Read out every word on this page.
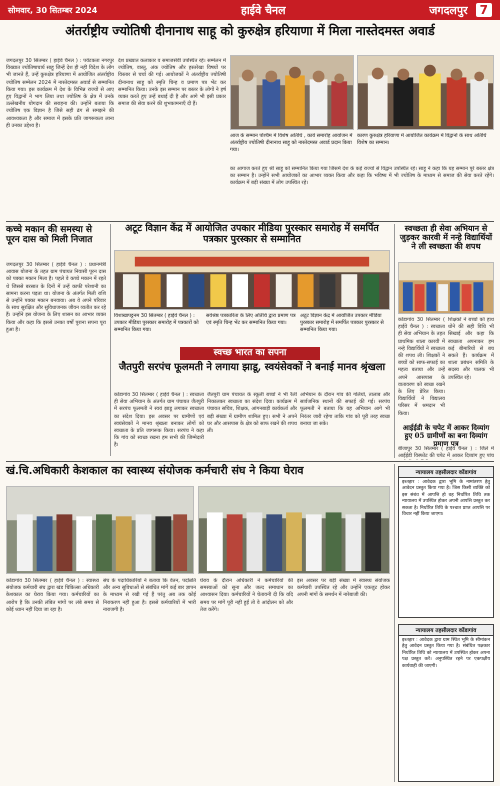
सोमवार, 30 सितम्बर 2024	हाईवे चैनल	जगदलपुर	7
अंतर्राष्ट्रीय ज्योतिषी दीनानाथ साहू को कुरुक्षेत्र हरियाणा में मिला नास्तेदमस्त अवार्ड
जगदलपुर 30 सितम्बर ( हाईवे चैनल ) : पर्यटकता नगरपुर विख्यात ज्योतिषाचार्य साहू जिन्हें देश ही नहीं विदेश के लोग भी जानते हैं, उन्हें कुरुक्षेत्र हरियाणा में आयोजित अंतर्राष्ट्रीय ज्योतिष सम्मेलन 2024 में नास्तेदमस्त अवार्ड से सम्मानित किया गया। इस कार्यक्रम में देश के विभिन्न राज्यों से आए हुए विद्वानों ने भाग लिया तथा ज्योतिष के क्षेत्र में उनके उल्लेखनीय योगदान की सराहना की। उन्होंने बताया कि ज्योतिष एक विज्ञान है जिसे सही ढंग से समझने की आवश्यकता है और समाज में इसके प्रति जागरूकता लाना ही उनका उद्देश्य है।
देश प्रख्यात कलाकार व समाजसेवी उपस्थित रहे। सम्मेलन में ज्योतिष, वास्तु, अंक ज्योतिष और हस्तरेखा विषयों पर विस्तार से चर्चा की गई। आयोजकों ने अंतर्राष्ट्रीय ज्योतिषी दीनानाथ साहू को स्मृति चिन्ह व प्रमाण पत्र भेंट कर सम्मानित किया। उनके इस सम्मान पर बस्तर के लोगों ने हर्ष व्यक्त करते हुए उन्हें बधाई दी है और आगे भी इसी प्रकार समाज की सेवा करने की शुभकामनाएँ दी हैं।
आज के सम्मान पश्चिम में विशेष अतिथि , कार्य समारोह आयोजन में अंतर्राष्ट्रीय ज्योतिषी दीनानाथ साहू को नास्तेदमस्त अवार्ड प्रदान किया गया।
कारण कुरुक्षेत्र हरियाणा में आयोजित कार्यक्रम में विद्वानों के साथ अतिथि विशेष का सम्मान।
का आगाज करते हुए श्री साहू को सम्मानित किया गया जिसमें देश के कई राज्यों से विद्वान उपस्थित रहे। साहू ने कहा कि यह सम्मान पूरे बस्तर क्षेत्र का सम्मान है। उन्होंने सभी आयोजकों का आभार व्यक्त किया और कहा कि भविष्य में भी ज्योतिष के माध्यम से समाज की सेवा करते रहेंगे। कार्यक्रम में बड़ी संख्या में लोग उपस्थित रहे।
कच्चे मकान की समस्या से पूरन दास को मिली निजात
जगदलपुर 30 सितम्बर ( हाईवे चैनल ) : प्रधानमंत्री आवास योजना के तहत ग्राम पंचायत निवासी पूरन दास को पक्का मकान मिला है। पहले वे कच्चे मकान में रहते थे जिससे बरसात के दिनों में उन्हें काफी परेशानी का सामना करना पड़ता था। योजना के अंतर्गत मिली राशि से उन्होंने पक्का मकान बनवाया। अब वे अपने परिवार के साथ सुरक्षित और सुविधाजनक जीवन व्यतीत कर रहे हैं। उन्होंने इस योजना के लिए शासन का आभार व्यक्त किया और कहा कि इससे उनका वर्षों पुराना सपना पूरा हुआ है।
अटूट विज्ञान केंद्र में आयोजित उपकार मीडिया पुरस्कार समारोह में समर्पित पत्रकार पुरस्कार से सम्मानित
विशाखापट्टनम 30 सितम्बर ( हाईवे चैनल ) : उपकार मीडिया पुरस्कार समारोह में पत्रकारों को सम्मानित किया गया।
सर्वश्रेष्ठ पत्रकारिता के लिए अतिथि द्वारा प्रमाण पत्र एवं स्मृति चिन्ह भेंट कर सम्मानित किया गया।
अटूट विज्ञान केंद्र में आयोजित उपकार मीडिया पुरस्कार समारोह में समर्पित पत्रकार पुरस्कार से सम्मानित किया गया।
स्वच्छ भारत का सपना
जैतपुरी सरपंच फूलमती ने लगाया झाडू, स्वयंसेवकों ने बनाई मानव श्रृंखला
कोंडागांव 30 सितम्बर ( हाईवे चैनल ) : स्वच्छता ही सेवा अभियान के अंतर्गत ग्राम पंचायत जैतपुरी में सरपंच फूलमती ने स्वयं झाडू लगाकर स्वच्छता का संदेश दिया। इस अवसर पर ग्रामीणों एवं स्वयंसेवकों ने मानव श्रृंखला बनाकर लोगों को स्वच्छता के प्रति जागरूक किया। सरपंच ने कहा कि गांव को स्वच्छ रखना हम सभी की जिम्मेदारी है।
जैतपुरी ग्राम पंचायत के स्कूली बच्चों ने भी रैली निकालकर स्वच्छता का संदेश दिया। कार्यक्रम में पंचायत सचिव, शिक्षक, आंगनबाड़ी कार्यकर्ता और बड़ी संख्या में ग्रामीण शामिल हुए। सभी ने अपने घर और आसपास के क्षेत्र को साफ रखने की शपथ ली।
अभियान के दौरान गांव की गलियों, तालाब और सार्वजनिक स्थानों की सफाई की गई। सरपंच फूलमती ने बताया कि यह अभियान आगे भी निरंतर जारी रहेगा ताकि गांव को पूरी तरह स्वच्छ बनाया जा सके।
स्वच्छता ही सेवा अभियान से जुड़कर कारवी में नन्हे विद्यार्थियों ने ली स्वच्छता की शपथ
कोंडागांव 30 सितम्बर ( हाईवे चैनल ) : स्वच्छता ही सेवा अभियान के तहत प्राथमिक शाला कारवी में नन्हे विद्यार्थियों ने स्वच्छता की शपथ ली। शिक्षकों ने बच्चों को साफ-सफाई का महत्व बताया और उन्हें अपने आसपास के वातावरण को स्वच्छ रखने के लिए प्रेरित किया। विद्यार्थियों ने विद्यालय परिसर में श्रमदान भी किया।
शिक्षकों ने बच्चों को हाथ धोने की सही विधि भी सिखाई और कहा कि स्वच्छता अपनाकर हम कई बीमारियों से बच सकते हैं। कार्यक्रम में शाला प्रबंधन समिति के सदस्य और पालक भी उपस्थित रहे।
आईईडी के चपेट में आकर दिव्यांग हुए 05 ग्रामीणों का बना दिव्यांग प्रमाण पत्र
बीजापुर 30 सितम्बर ( हाईवे चैनल ) : जिले में आईईडी विस्फोट की चपेट में आकर दिव्यांग हुए पांच
खं.चि.अधिकारी केशकाल का स्वास्थ्य संयोजक कर्मचारी संघ ने किया घेराव
कोंडागांव 30 सितम्बर ( हाईवे चैनल ) : स्वास्थ्य संयोजक कर्मचारी संघ द्वारा खंड चिकित्सा अधिकारी केशकाल का घेराव किया गया। कर्मचारियों का आरोप है कि उनकी लंबित मांगों पर लंबे समय से कोई ध्यान नहीं दिया जा रहा है।
संघ के पदाधिकारियों ने बताया कि वेतन, पदोन्नति और अन्य सुविधाओं से संबंधित मांगें कई बार ज्ञापन के माध्यम से रखी गई हैं परंतु अब तक कोई निराकरण नहीं हुआ है। इससे कर्मचारियों में भारी नाराजगी है।
घेराव के दौरान अधिकारी ने कर्मचारियों की समस्याओं को सुना और जल्द समाधान का आश्वासन दिया। कर्मचारियों ने चेतावनी दी कि यदि समय पर मांगें पूरी नहीं हुईं तो वे आंदोलन को और तेज करेंगे।
इस अवसर पर बड़ी संख्या में स्वास्थ्य संयोजक कर्मचारी उपस्थित रहे और उन्होंने एकजुट होकर अपनी मांगों के समर्थन में नारेबाजी की।
न्यायालय तहसीलदार कोंडागांव
इश्तहार : आवेदक द्वारा भूमि के नामांतरण हेतु आवेदन प्रस्तुत किया गया है। जिस किसी व्यक्ति को इस संबंध में आपत्ति हो वह निर्धारित तिथि तक न्यायालय में उपस्थित होकर अपनी आपत्ति प्रस्तुत कर सकता है। निर्धारित तिथि के पश्चात प्राप्त आपत्ति पर विचार नहीं किया जाएगा।
न्यायालय तहसीलदार कोंडागांव
इश्तहार : आवेदक द्वारा ग्राम स्थित भूमि के सीमांकन हेतु आवेदन प्रस्तुत किया गया है। संबंधित पक्षकार निर्धारित तिथि को न्यायालय में उपस्थित होकर अपना पक्ष प्रस्तुत करें। अनुपस्थित रहने पर एकपक्षीय कार्यवाही की जाएगी।
